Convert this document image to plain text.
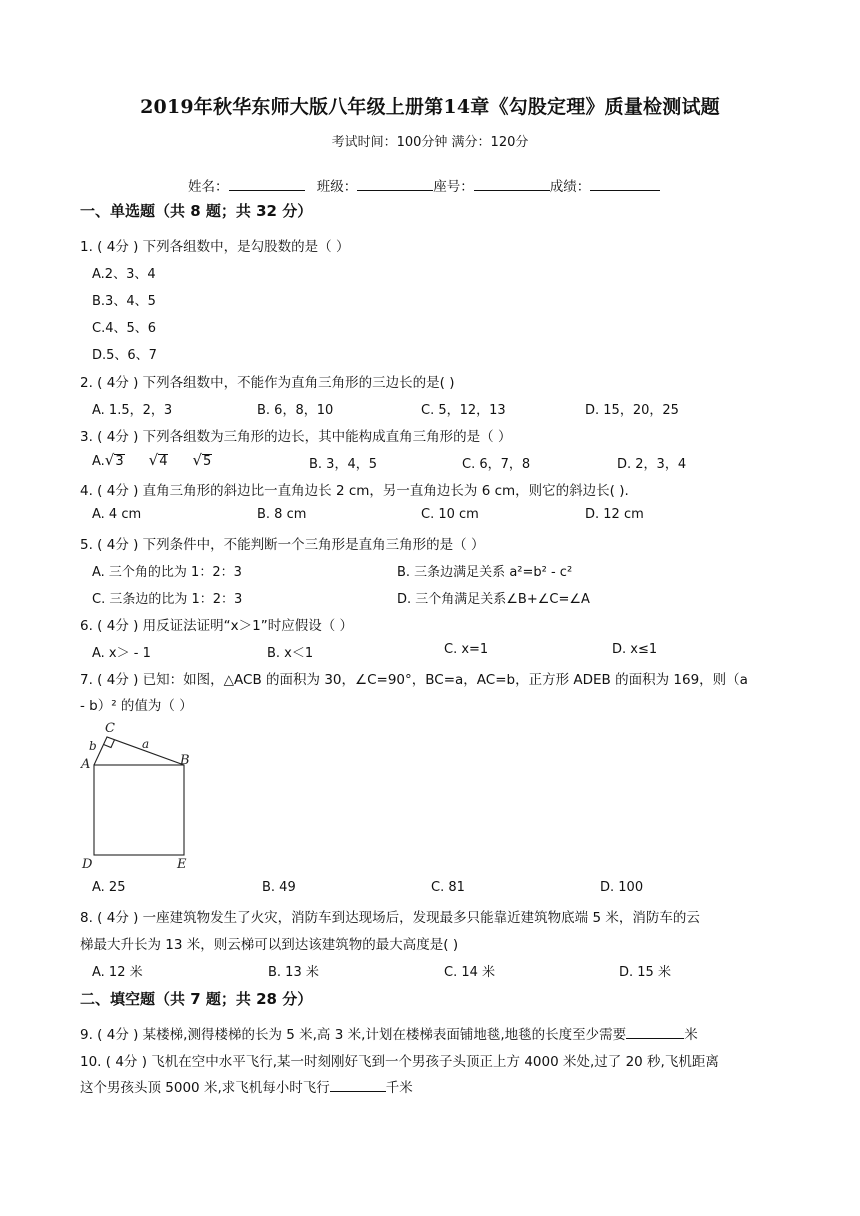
2019年秋华东师大版八年级上册第14章《勾股定理》质量检测试题
考试时间：100分钟 满分：120分
姓名：	班级：	座号：	成绩：
一、单选题（共 8 题；共 32 分）
1. ( 4分 ) 下列各组数中，是勾股数的是（ ）
A.2、3、4
B.3、4、5
C.4、5、6
D.5、6、7
2. ( 4分 ) 下列各组数中，不能作为直角三角形的三边长的是( )
A. 1.5，2，3	B. 6，8，10	C. 5，12，13	D. 15，20，25
3. ( 4分 ) 下列各组数为三角形的边长，其中能构成直角三角形的是（ ）
A.√3 √4 √5	B. 3，4，5	C. 6，7，8	D. 2，3，4
4. ( 4分 ) 直角三角形的斜边比一直角边长 2 cm，另一直角边长为 6 cm，则它的斜边长( ).
A. 4 cm	B. 8 cm	C. 10 cm	D. 12 cm
5. ( 4分 ) 下列条件中，不能判断一个三角形是直角三角形的是（ ）
A. 三个角的比为 1：2：3	B. 三条边满足关系 a²=b² - c²
C. 三条边的比为 1：2：3	D. 三个角满足关系∠B+∠C=∠A
6. ( 4分 ) 用反证法证明“x＞1”时应假设（ ）
A. x＞ - 1	B. x＜1	C. x=1	D. x≤1
7. ( 4分 ) 已知：如图，△ACB 的面积为 30，∠C=90°，BC=a，AC=b，正方形 ADEB 的面积为 169，则（a
- b）² 的值为（ ）
C
b	a
A	B
D	E
A. 25	B. 49	C. 81	D. 100
8. ( 4分 ) 一座建筑物发生了火灾，消防车到达现场后，发现最多只能靠近建筑物底端 5 米，消防车的云
梯最大升长为 13 米，则云梯可以到达该建筑物的最大高度是( )
A. 12 米	B. 13 米	C. 14 米	D. 15 米
二、填空题（共 7 题；共 28 分）
9. ( 4分 ) 某楼梯,测得楼梯的长为 5 米,高 3 米,计划在楼梯表面铺地毯,地毯的长度至少需要	米
10. ( 4分 ) 飞机在空中水平飞行,某一时刻刚好飞到一个男孩子头顶正上方 4000 米处,过了 20 秒,飞机距离
这个男孩头顶 5000 米,求飞机每小时飞行	千米
